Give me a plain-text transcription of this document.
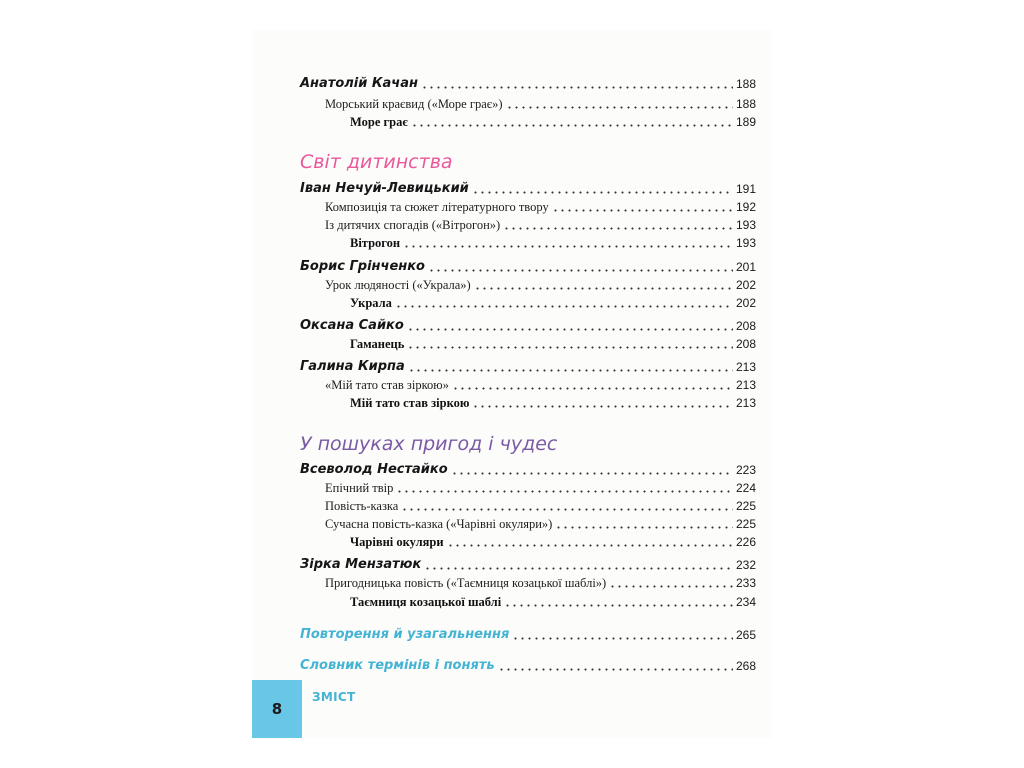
Анатолій Качан	188
Морський краєвид («Море грає»)	188
Море грає	189
Світ дитинства
Іван Нечуй-Левицький	191
Композиція та сюжет літературного твору	192
Із дитячих спогадів («Вітрогон»)	193
Вітрогон	193
Борис Грінченко	201
Урок людяності («Украла»)	202
Украла	202
Оксана Сайко	208
Гаманець	208
Галина Кирпа	213
«Мій тато став зіркою»	213
Мій тато став зіркою	213
У пошуках пригод і чудес
Всеволод Нестайко	223
Епічний твір	224
Повість-казка	225
Сучасна повість-казка («Чарівні окуляри»)	225
Чарівні окуляри	226
Зірка Мензатюк	232
Пригодницька повість («Таємниця козацької шаблі»)	233
Таємниця козацької шаблі	234
Повторення й узагальнення	265
Словник термінів і понять	268
8
ЗМІСТ
